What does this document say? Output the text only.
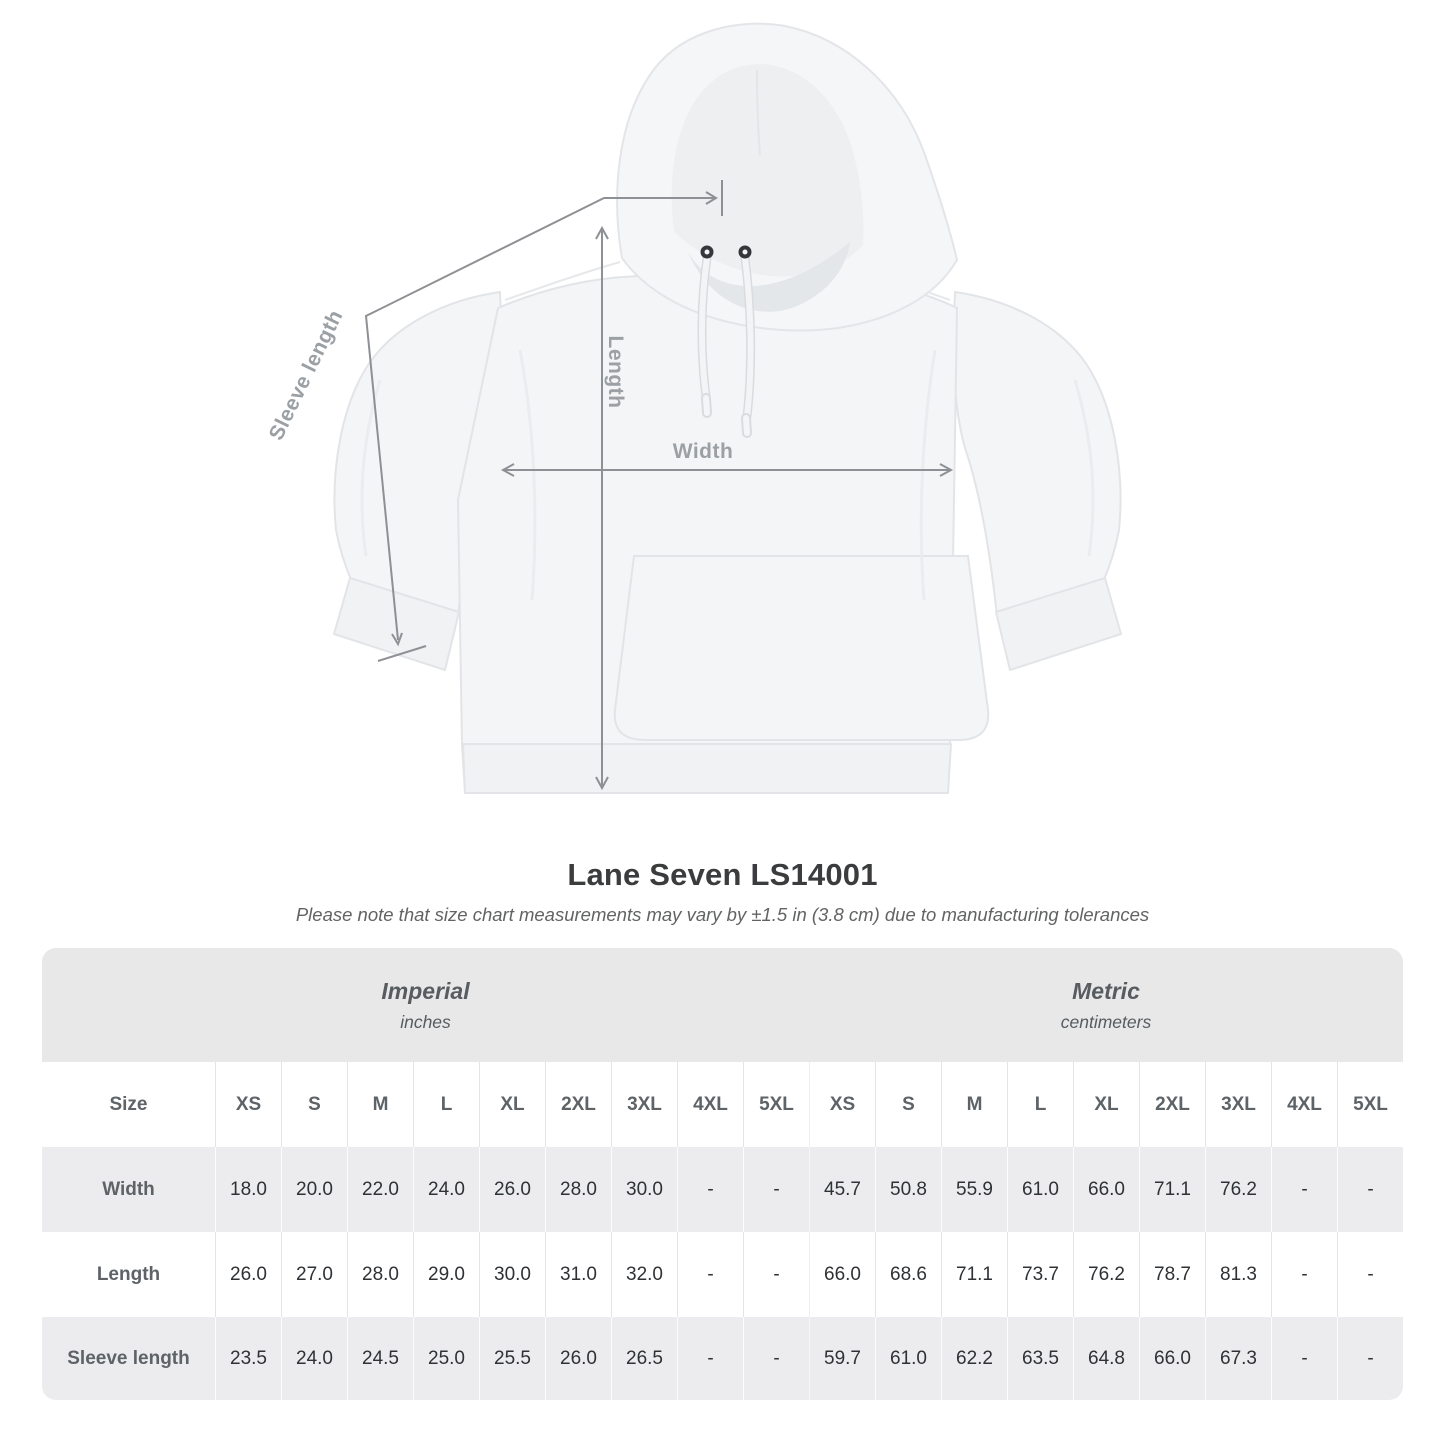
Sleeve length	Length
Width
Lane Seven LS14001
Please note that size chart measurements may vary by ±1.5 in (3.8 cm) due to manufacturing tolerances
Imperial
inches
Metric
centimeters
Size	XS	S	M	L	XL	2XL	3XL	4XL	5XL	XS	S	M	L	XL	2XL	3XL	4XL	5XL
Width	18.0	20.0	22.0	24.0	26.0	28.0	30.0	-	-	45.7	50.8	55.9	61.0	66.0	71.1	76.2	-	-
Length	26.0	27.0	28.0	29.0	30.0	31.0	32.0	-	-	66.0	68.6	71.1	73.7	76.2	78.7	81.3	-	-
Sleeve length	23.5	24.0	24.5	25.0	25.5	26.0	26.5	-	-	59.7	61.0	62.2	63.5	64.8	66.0	67.3	-	-
